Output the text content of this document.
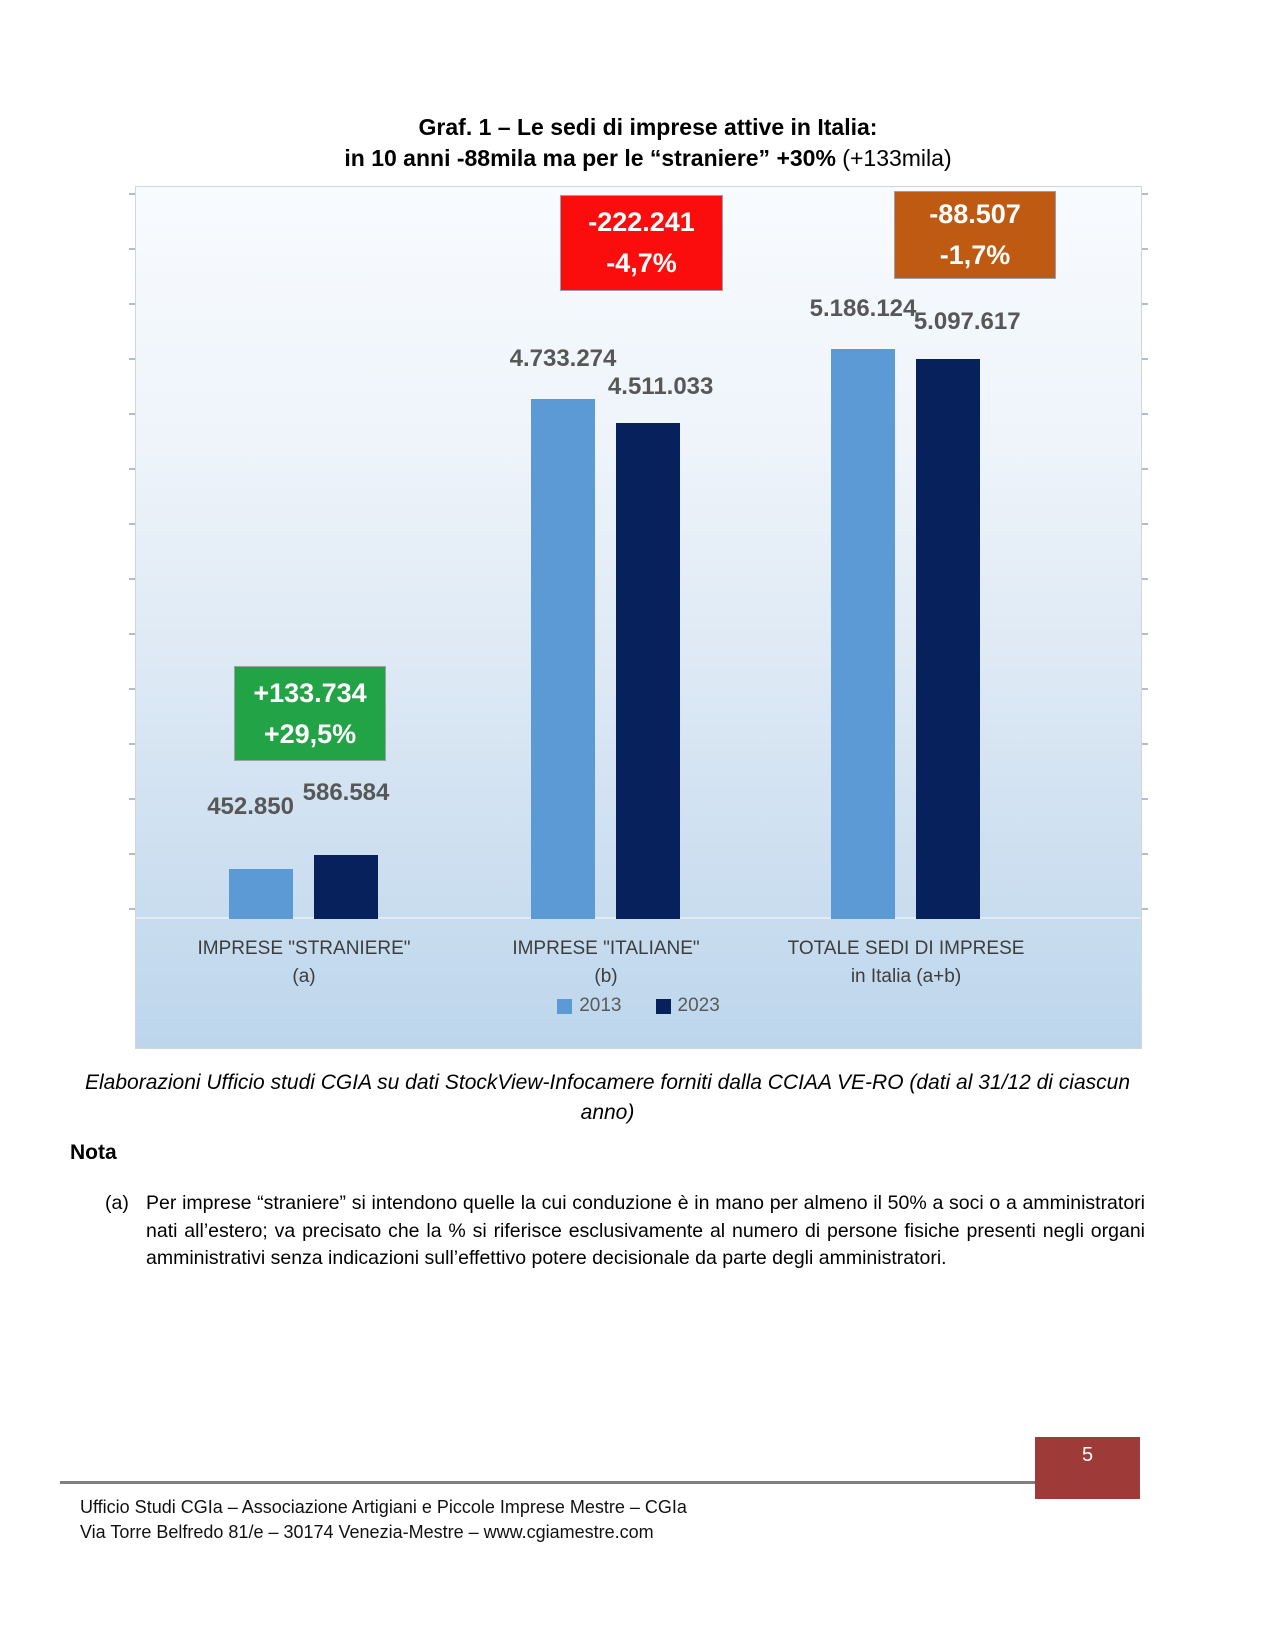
Graf. 1 – Le sedi di imprese attive in Italia:
in 10 anni -88mila ma per le “straniere” +30% (+133mila)
452.850
586.584
IMPRESE "STRANIERE"
(a)
4.733.274
4.511.033
IMPRESE "ITALIANE"
(b)
5.186.124
5.097.617
TOTALE SEDI DI IMPRESE
in Italia (a+b)
2013	2023
+133.734
+29,5%
-222.241
-4,7%
-88.507
-1,7%
Elaborazioni Ufficio studi CGIA su dati StockView-Infocamere forniti dalla CCIAA VE-RO (dati al 31/12 di ciascun anno)
Nota
(a) Per imprese “straniere” si intendono quelle la cui conduzione è in mano per almeno il 50% a soci o a amministratori nati all’estero; va precisato che la % si riferisce esclusivamente al numero di persone fisiche presenti negli organi amministrativi senza indicazioni sull’effettivo potere decisionale da parte degli amministratori.
Ufficio Studi CGIa – Associazione Artigiani e Piccole Imprese Mestre – CGIa
Via Torre Belfredo 81/e – 30174 Venezia-Mestre – www.cgiamestre.com
5
